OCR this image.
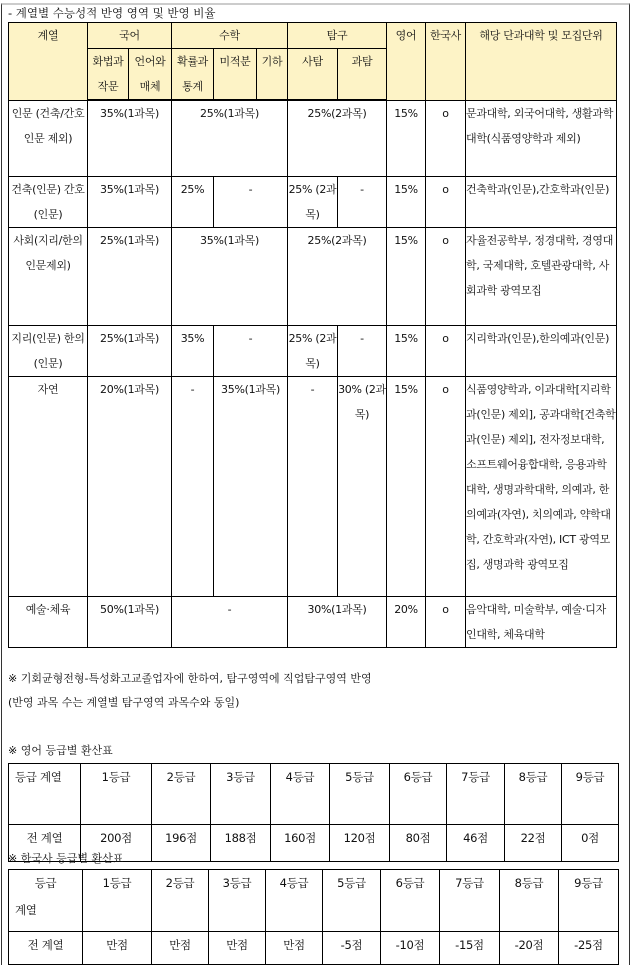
- 계열별 수능성적 반영 영역 및 반영 비율
계열	국어		수학			탐구		영어	한국사	해당 단과대학 및 모집단위
	화법과 작문	언어와 매체	확률과 통계	미적분	기하	사탐	과탐			
인문 (건축/간호인문 제외)	35%(1과목)		25%(1과목)			25%(2과목)		15%	o	문과대학, 외국어대학, 생활과학대학(식품영양학과 제외)
건축(인문) 간호(인문)	35%(1과목)		25%	-		25% (2과목)	-	15%	o	건축학과(인문),간호학과(인문)
사회(지리/한의 인문제외)	25%(1과목)		35%(1과목)			25%(2과목)		15%	o	자율전공학부, 정경대학, 경영대학, 국제대학, 호텔관광대학, 사회과학 광역모집
지리(인문) 한의(인문)	25%(1과목)		35%	-		25% (2과목)	-	15%	o	지리학과(인문),한의예과(인문)
자연	20%(1과목)		-	35%(1과목)		-	30% (2과목)	15%	o	식품영양학과, 이과대학[지리학과(인문) 제외], 공과대학[건축학과(인문) 제외], 전자정보대학, 소프트웨어융합대학, 응용과학대학, 생명과학대학, 의예과, 한의예과(자연), 치의예과, 약학대학, 간호학과(자연), ICT 광역모집, 생명과학 광역모집
예술·체육	50%(1과목)		-			30%(1과목)		20%	o	음악대학, 미술학부, 예술·디자인대학, 체육대학
※ 기회균형전형-특성화고교졸업자에 한하여, 탐구영역에 직업탐구영역 반영
(반영 과목 수는 계열별 탐구영역 과목수와 동일)
※ 영어 등급별 환산표
등급 계열	1등급	2등급	3등급	4등급	5등급	6등급	7등급	8등급	9등급
전 계열	200점	196점	188점	160점	120점	80점	46점	22점	0점
※ 한국사 등급별 환산표
등급
계열	1등급	2등급	3등급	4등급	5등급	6등급	7등급	8등급	9등급
전 계열	만점	만점	만점	만점	-5점	-10점	-15점	-20점	-25점
